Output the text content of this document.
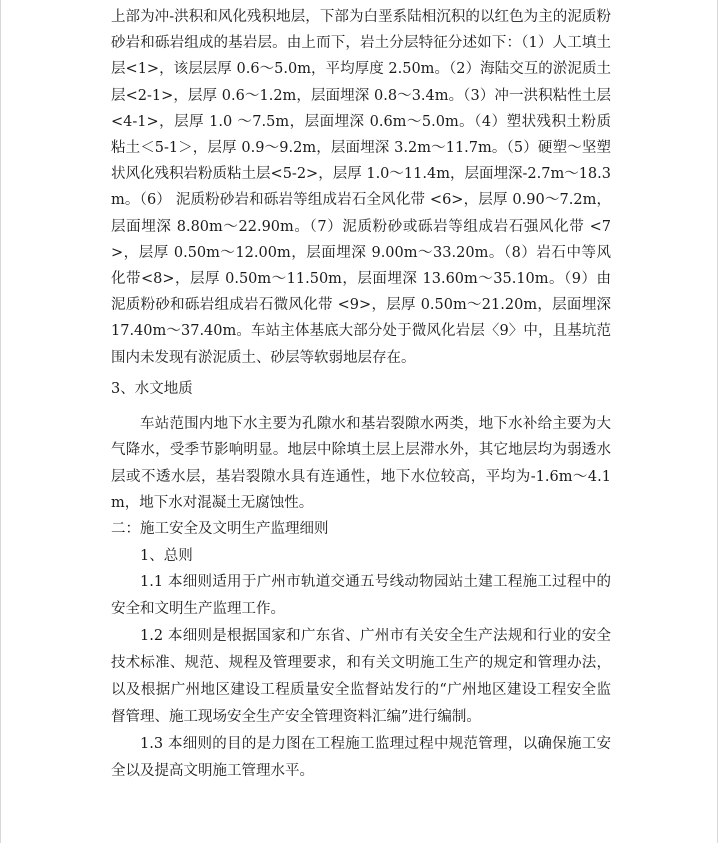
上部为冲-洪积和风化残积地层，下部为白垩系陆相沉积的以红色为主的泥质粉砂岩和砾岩组成的基岩层。由上而下，岩土分层特征分述如下：（1）人工填土层<1>，该层层厚 0.6～5.0m，平均厚度 2.50m。（2）海陆交互的淤泥质土层<2-1>，层厚 0.6～1.2m，层面埋深 0.8～3.4m。（3）冲一洪积粘性土层<4-1>，层厚 1.0 ～7.5m，层面埋深 0.6m～5.0m。（4）塑状残积土粉质粘土＜5-1＞，层厚 0.9～9.2m，层面埋深 3.2m～11.7m。（5）硬塑～坚塑状风化残积岩粉质粘土层<5-2>，层厚 1.0～11.4m，层面埋深-2.7m～18.3m。（6） 泥质粉砂岩和砾岩等组成岩石全风化带 <6>，层厚 0.90～7.2m，层面埋深 8.80m～22.90m。（7）泥质粉砂或砾岩等组成岩石强风化带 <7>，层厚 0.50m～12.00m，层面埋深 9.00m～33.20m。（8）岩石中等风化带<8>，层厚 0.50m～11.50m，层面埋深 13.60m～35.10m。（9）由泥质粉砂和砾岩组成岩石微风化带 <9>，层厚 0.50m～21.20m，层面埋深 17.40m～37.40m。车站主体基底大部分处于微风化岩层〈9〉中，且基坑范围内未发现有淤泥质土、砂层等软弱地层存在。

3、水文地质

车站范围内地下水主要为孔隙水和基岩裂隙水两类，地下水补给主要为大气降水，受季节影响明显。地层中除填土层上层滞水外，其它地层均为弱透水层或不透水层，基岩裂隙水具有连通性，地下水位较高，平均为-1.6m～4.1m，地下水对混凝土无腐蚀性。

二：施工安全及文明生产监理细则

1、总则

1.1 本细则适用于广州市轨道交通五号线动物园站土建工程施工过程中的安全和文明生产监理工作。

1.2 本细则是根据国家和广东省、广州市有关安全生产法规和行业的安全技术标准、规范、规程及管理要求，和有关文明施工生产的规定和管理办法，以及根据广州地区建设工程质量安全监督站发行的“广州地区建设工程安全监督管理、施工现场安全生产安全管理资料汇编”进行编制。

1.3 本细则的目的是力图在工程施工监理过程中规范管理，以确保施工安全以及提高文明施工管理水平。
